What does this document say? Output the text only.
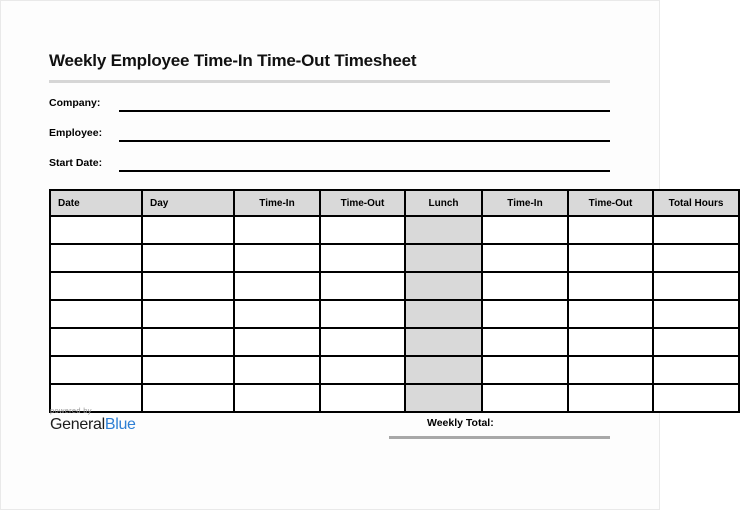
Weekly Employee Time-In Time-Out Timesheet
Company:
Employee:
Start Date:
Date	Day	Time-In	Time-Out	Lunch	Time-In	Time-Out	Total Hours

powered by
GeneralBlue	Weekly Total:
